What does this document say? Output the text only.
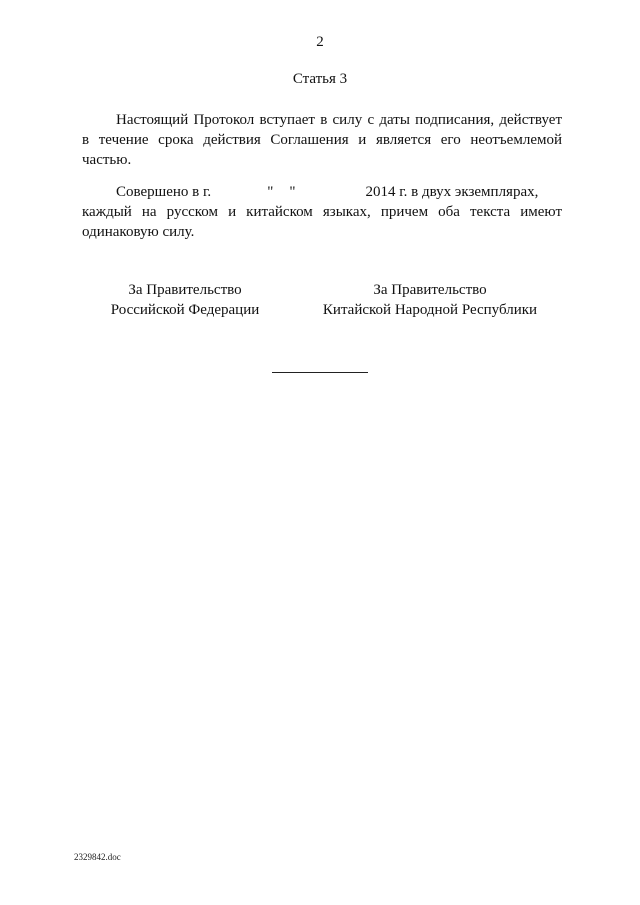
2
Статья 3

Настоящий Протокол вступает в силу с даты подписания, действует
в течение срока действия Соглашения и является его неотъемлемой
частью.

Совершено в г.	" "	2014 г. в двух экземплярах,
каждый на русском и китайском языках, причем оба текста имеют
одинаковую силу.

За Правительство
Российской Федерации
За Правительство
Китайской Народной Республики
2329842.doc
